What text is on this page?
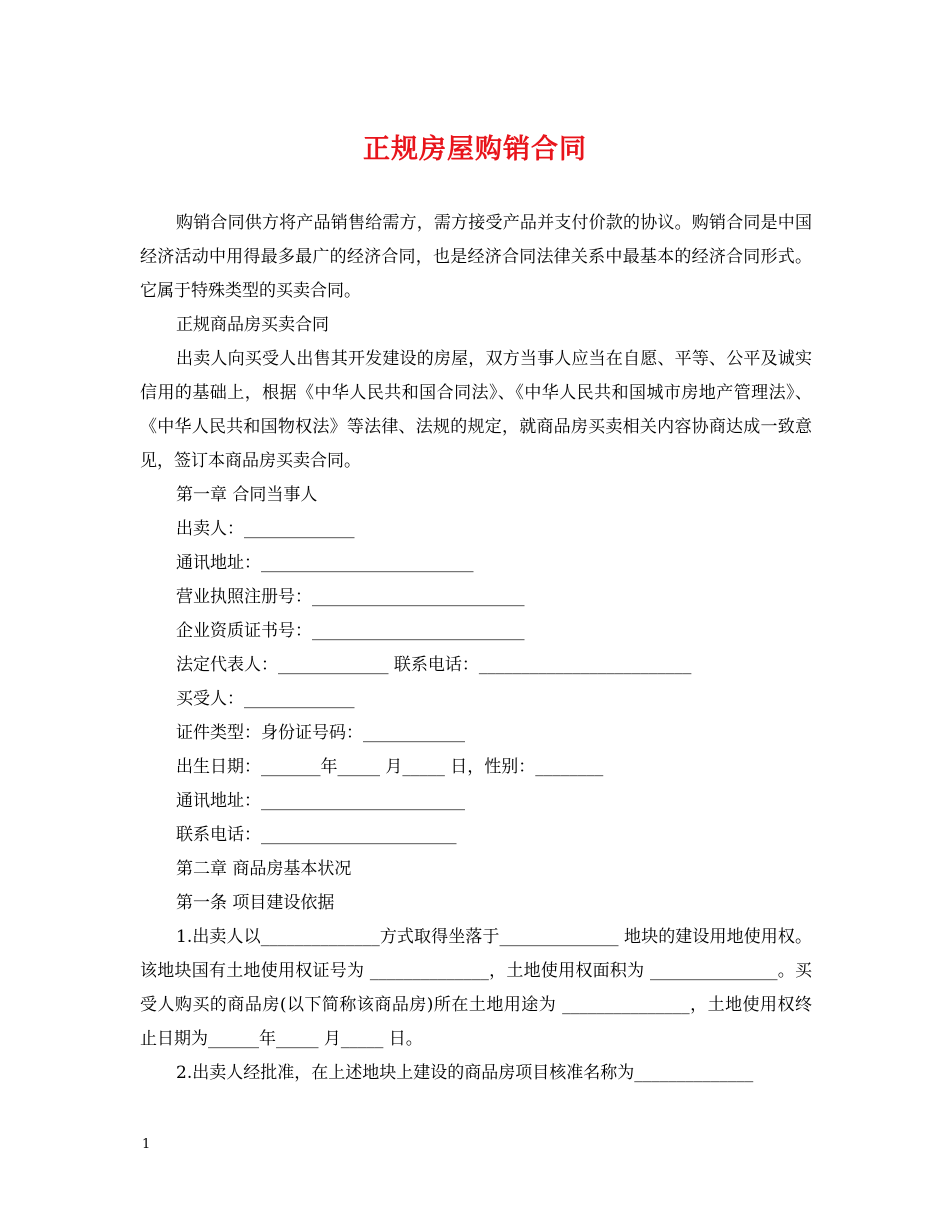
正规房屋购销合同

购销合同供方将产品销售给需方，需方接受产品并支付价款的协议。购销合同是中国经济活动中用得最多最广的经济合同，也是经济合同法律关系中最基本的经济合同形式。它属于特殊类型的买卖合同。

正规商品房买卖合同

出卖人向买受人出售其开发建设的房屋，双方当事人应当在自愿、平等、公平及诚实信用的基础上，根据《中华人民共和国合同法》、《中华人民共和国城市房地产管理法》、《中华人民共和国物权法》等法律、法规的规定，就商品房买卖相关内容协商达成一致意见，签订本商品房买卖合同。

第一章 合同当事人

出卖人：_____________

通讯地址：_________________________

营业执照注册号：_________________________

企业资质证书号：_________________________

法定代表人：_____________ 联系电话：_________________________

买受人：_____________

证件类型：身份证号码：____________

出生日期：_______年_____ 月_____ 日，性别：________

通讯地址：________________________

联系电话：_______________________

第二章 商品房基本状况

第一条 项目建设依据

1.出卖人以______________方式取得坐落于______________ 地块的建设用地使用权。该地块国有土地使用权证号为 ______________，土地使用权面积为 _______________。买受人购买的商品房(以下简称该商品房)所在土地用途为 _______________，土地使用权终止日期为______年_____ 月_____ 日。

2.出卖人经批准，在上述地块上建设的商品房项目核准名称为______________

1
